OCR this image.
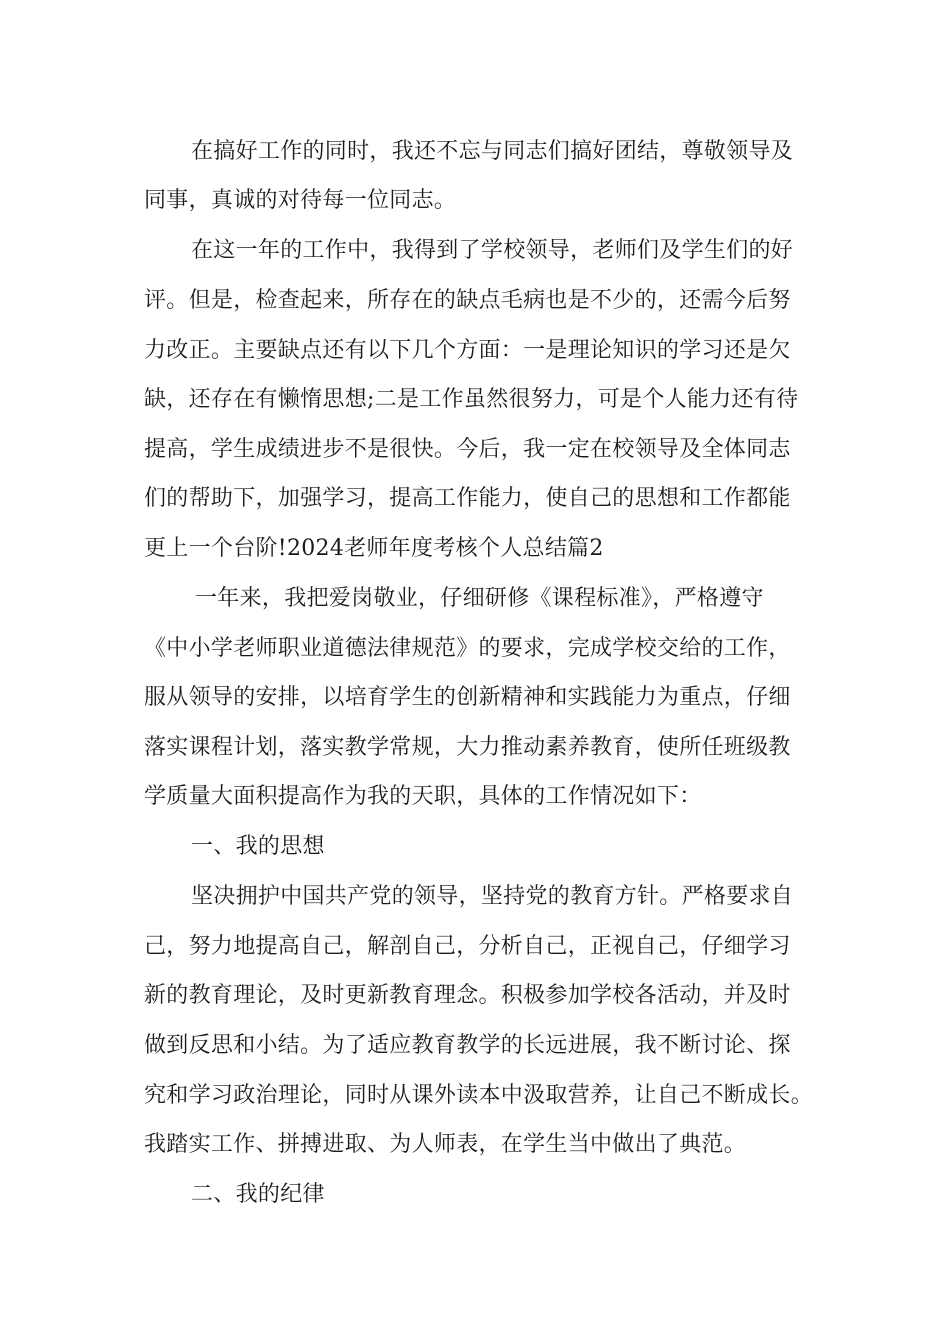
在搞好工作的同时，我还不忘与同志们搞好团结，尊敬领导及
同事，真诚的对待每一位同志。
在这一年的工作中，我得到了学校领导，老师们及学生们的好
评。但是，检查起来，所存在的缺点毛病也是不少的，还需今后努
力改正。主要缺点还有以下几个方面：一是理论知识的学习还是欠
缺，还存在有懒惰思想;二是工作虽然很努力，可是个人能力还有待
提高，学生成绩进步不是很快。今后，我一定在校领导及全体同志
们的帮助下，加强学习，提高工作能力，使自己的思想和工作都能
更上一个台阶!2024老师年度考核个人总结篇2
一年来，我把爱岗敬业，仔细研修《课程标准》，严格遵守
《中小学老师职业道德法律规范》的要求，完成学校交给的工作，
服从领导的安排，以培育学生的创新精神和实践能力为重点，仔细
落实课程计划，落实教学常规，大力推动素养教育，使所任班级教
学质量大面积提高作为我的天职，具体的工作情况如下：
一、我的思想
坚决拥护中国共产党的领导，坚持党的教育方针。严格要求自
己，努力地提高自己，解剖自己，分析自己，正视自己，仔细学习
新的教育理论，及时更新教育理念。积极参加学校各活动，并及时
做到反思和小结。为了适应教育教学的长远进展，我不断讨论、探
究和学习政治理论，同时从课外读本中汲取营养，让自己不断成长。
我踏实工作、拼搏进取、为人师表，在学生当中做出了典范。
二、我的纪律
